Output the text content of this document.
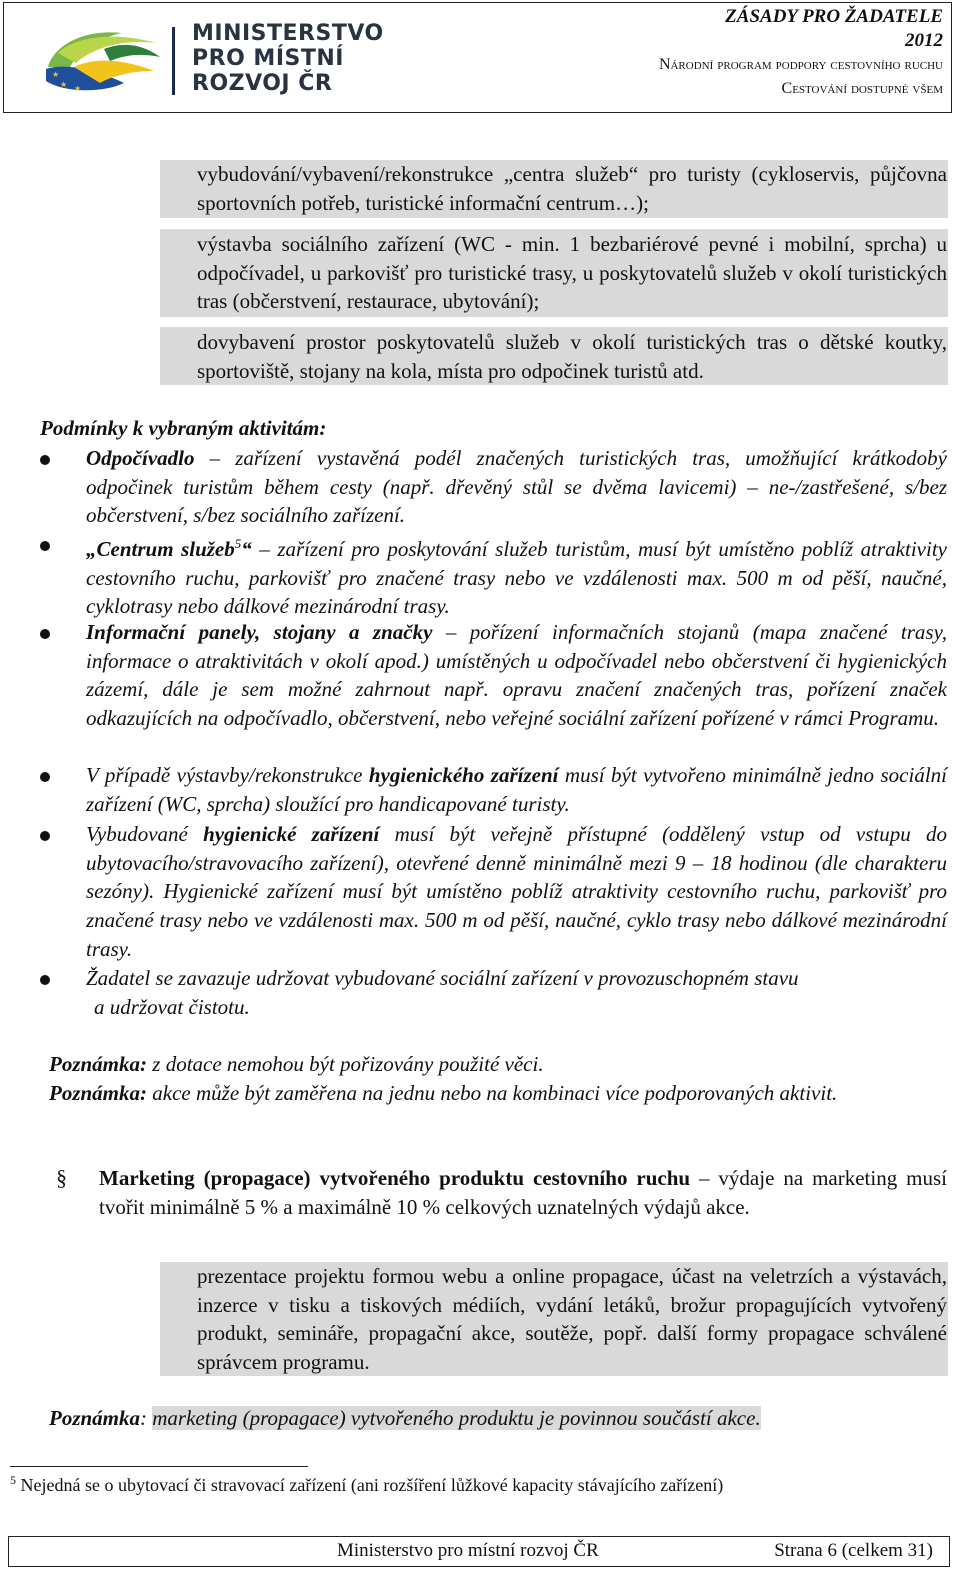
★ ★
★
MINISTERSTVO
PRO MÍSTNÍ
ROZVOJ ČR
ZÁSADY PRO ŽADATELE
2012
Národní program podpory cestovního ruchu
Cestování dostupné všem
vybudování/vybavení/rekonstrukce „centra služeb“ pro turisty (cykloservis, půjčovna sportovních potřeb, turistické informační centrum…);
výstavba sociálního zařízení (WC - min. 1 bezbariérové pevné i mobilní, sprcha) u odpočívadel, u parkovišť pro turistické trasy, u poskytovatelů služeb v okolí turistických tras (občerstvení, restaurace, ubytování);
dovybavení prostor poskytovatelů služeb v okolí turistických tras o dětské koutky, sportoviště, stojany na kola, místa pro odpočinek turistů atd.
Podmínky k vybraným aktivitám:
Odpočívadlo – zařízení vystavěná podél značených turistických tras, umožňující krátkodobý odpočinek turistům během cesty (např. dřevěný stůl se dvěma lavicemi) – ne-/zastřešené, s/bez občerstvení, s/bez sociálního zařízení.
„Centrum služeb$^5$“ – zařízení pro poskytování služeb turistům, musí být umístěno poblíž atraktivity cestovního ruchu, parkovišť pro značené trasy nebo ve vzdálenosti max. 500 m od pěší, naučné, cyklotrasy nebo dálkové mezinárodní trasy.
Informační panely, stojany a značky – pořízení informačních stojanů (mapa značené trasy, informace o atraktivitách v okolí apod.) umístěných u odpočívadel nebo občerstvení či hygienických zázemí, dále je sem možné zahrnout např. opravu značení značených tras, pořízení značek odkazujících na odpočívadlo, občerstvení, nebo veřejné sociální zařízení pořízené v rámci Programu.
V případě výstavby/rekonstrukce hygienického zařízení musí být vytvořeno minimálně jedno sociální zařízení (WC, sprcha) sloužící pro handicapované turisty.
Vybudované hygienické zařízení musí být veřejně přístupné (oddělený vstup od vstupu do ubytovacího/stravovacího zařízení), otevřené denně minimálně mezi 9 – 18 hodinou (dle charakteru sezóny). Hygienické zařízení musí být umístěno poblíž atraktivity cestovního ruchu, parkovišť pro značené trasy nebo ve vzdálenosti max. 500 m od pěší, naučné, cyklo trasy nebo dálkové mezinárodní trasy.
Žadatel se zavazuje udržovat vybudované sociální zařízení v provozuschopném stavu
a udržovat čistotu.
Poznámka: z dotace nemohou být pořizovány použité věci.
Poznámka: akce může být zaměřena na jednu nebo na kombinaci více podporovaných aktivit.
§ Marketing (propagace) vytvořeného produktu cestovního ruchu – výdaje na marketing musí tvořit minimálně 5 % a maximálně 10 % celkových uznatelných výdajů akce.
prezentace projektu formou webu a online propagace, účast na veletrzích a výstavách, inzerce v tisku a tiskových médiích, vydání letáků, brožur propagujících vytvořený produkt, semináře, propagační akce, soutěže, popř. další formy propagace schválené správcem programu.
Poznámka: marketing (propagace) vytvořeného produktu je povinnou součástí akce.
$^5$ Nejedná se o ubytovací či stravovací zařízení (ani rozšíření lůžkové kapacity stávajícího zařízení)
Ministerstvo pro místní rozvoj ČR	Strana 6 (celkem 31)
